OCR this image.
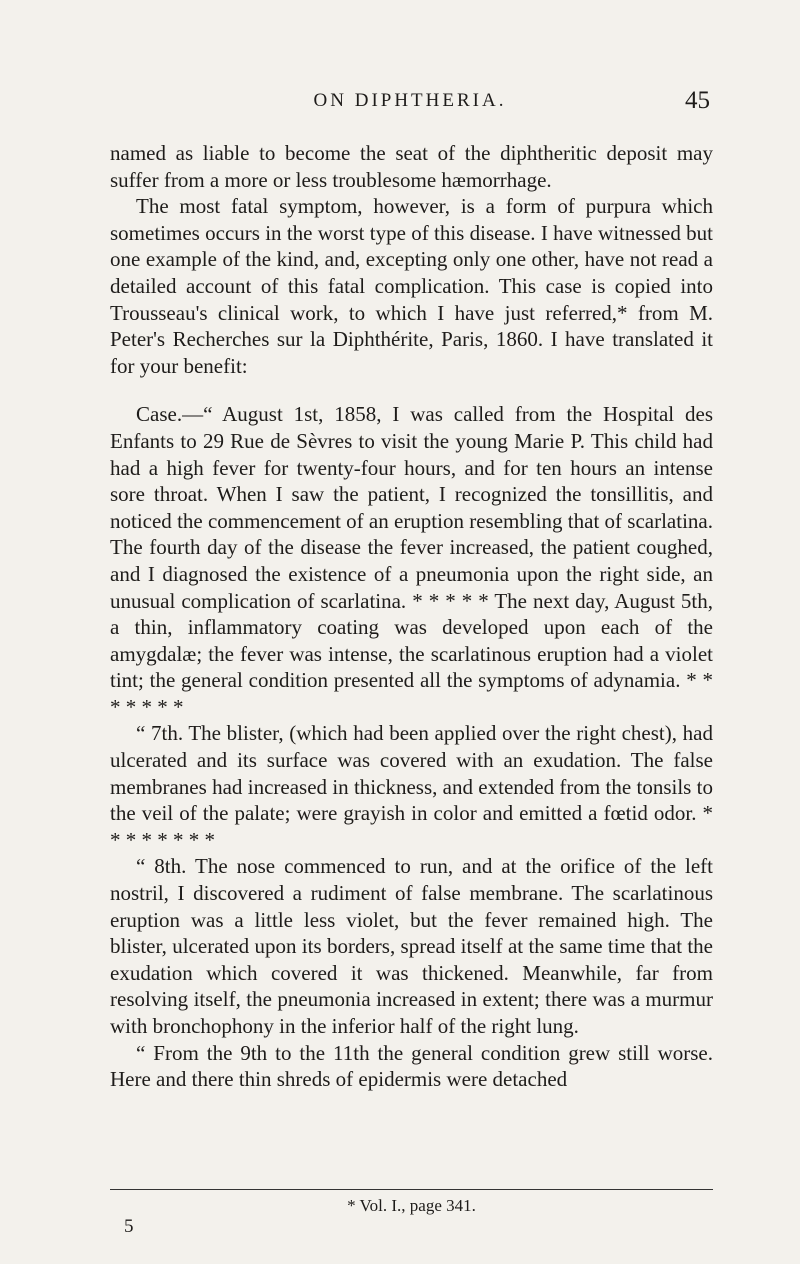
ON DIPHTHERIA.	45

named as liable to become the seat of the diphtheritic deposit may suffer from a more or less troublesome hæmorrhage.

The most fatal symptom, however, is a form of purpura which sometimes occurs in the worst type of this disease. I have witnessed but one example of the kind, and, excepting only one other, have not read a detailed account of this fatal complication. This case is copied into Trousseau's clinical work, to which I have just referred,* from M. Peter's Recherches sur la Diphthérite, Paris, 1860. I have translated it for your benefit:

Case.—“ August 1st, 1858, I was called from the Hospital des Enfants to 29 Rue de Sèvres to visit the young Marie P. This child had had a high fever for twenty-four hours, and for ten hours an intense sore throat. When I saw the patient, I recognized the tonsillitis, and noticed the commencement of an eruption resembling that of scarlatina. The fourth day of the disease the fever increased, the patient coughed, and I diagnosed the existence of a pneumonia upon the right side, an unusual complication of scarlatina. * * * * * The next day, August 5th, a thin, inflammatory coating was developed upon each of the amygdalæ; the fever was intense, the scarlatinous eruption had a violet tint; the general condition presented all the symptoms of adynamia. * * * * * * *

“ 7th. The blister, (which had been applied over the right chest), had ulcerated and its surface was covered with an exudation. The false membranes had increased in thickness, and extended from the tonsils to the veil of the palate; were grayish in color and emitted a fœtid odor. * * * * * * * *

“ 8th. The nose commenced to run, and at the orifice of the left nostril, I discovered a rudiment of false membrane. The scarlatinous eruption was a little less violet, but the fever remained high. The blister, ulcerated upon its borders, spread itself at the same time that the exudation which covered it was thickened. Meanwhile, far from resolving itself, the pneumonia increased in extent; there was a murmur with bronchophony in the inferior half of the right lung.

“ From the 9th to the 11th the general condition grew still worse. Here and there thin shreds of epidermis were detached

* Vol. I., page 341.
5
